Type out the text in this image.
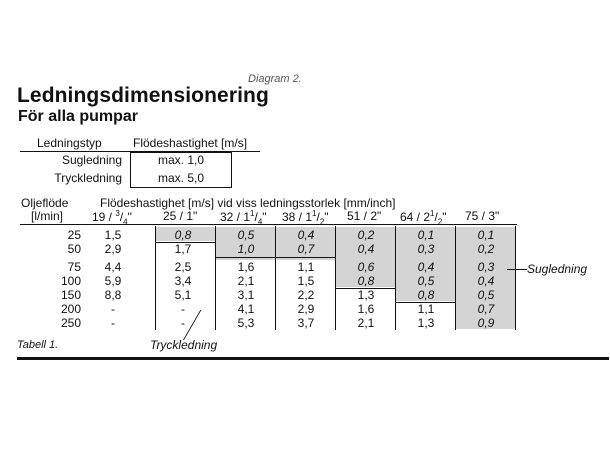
Diagram 2.
Ledningsdimensionering
För alla pumpar
Ledningstyp	Flödeshastighet [m/s]
Sugledning
Tryckledning
max. 1,0
max. 5,0
Oljeflöde
[l/min]
Flödeshastighet [m/s] vid viss ledningsstorlek [mm/inch]
$19 / ^3/_4$"	25 / 1" $32 / 1^1/_4$" $38 / 1^1/_2$" 51 / 2" $64 / 2^1/_2$" 75 / 3"
25	1,5	0,8	0,5	0,4	0,2	0,1	0,1
50	2,9	1,7	1,0	0,7	0,4	0,3	0,2
75	4,4	2,5	1,6	1,1	0,6	0,4	0,3
100	5,9	3,4	2,1	1,5	0,8	0,5	0,4
150	8,8	5,1	3,1	2,2	1,3	0,8	0,5
200	-	-	4,1	2,9	1,6	1,1	0,7
250	-	-	5,3	3,7	2,1	1,3	0,9
Sugledning
Tryckledning
Tabell 1.
